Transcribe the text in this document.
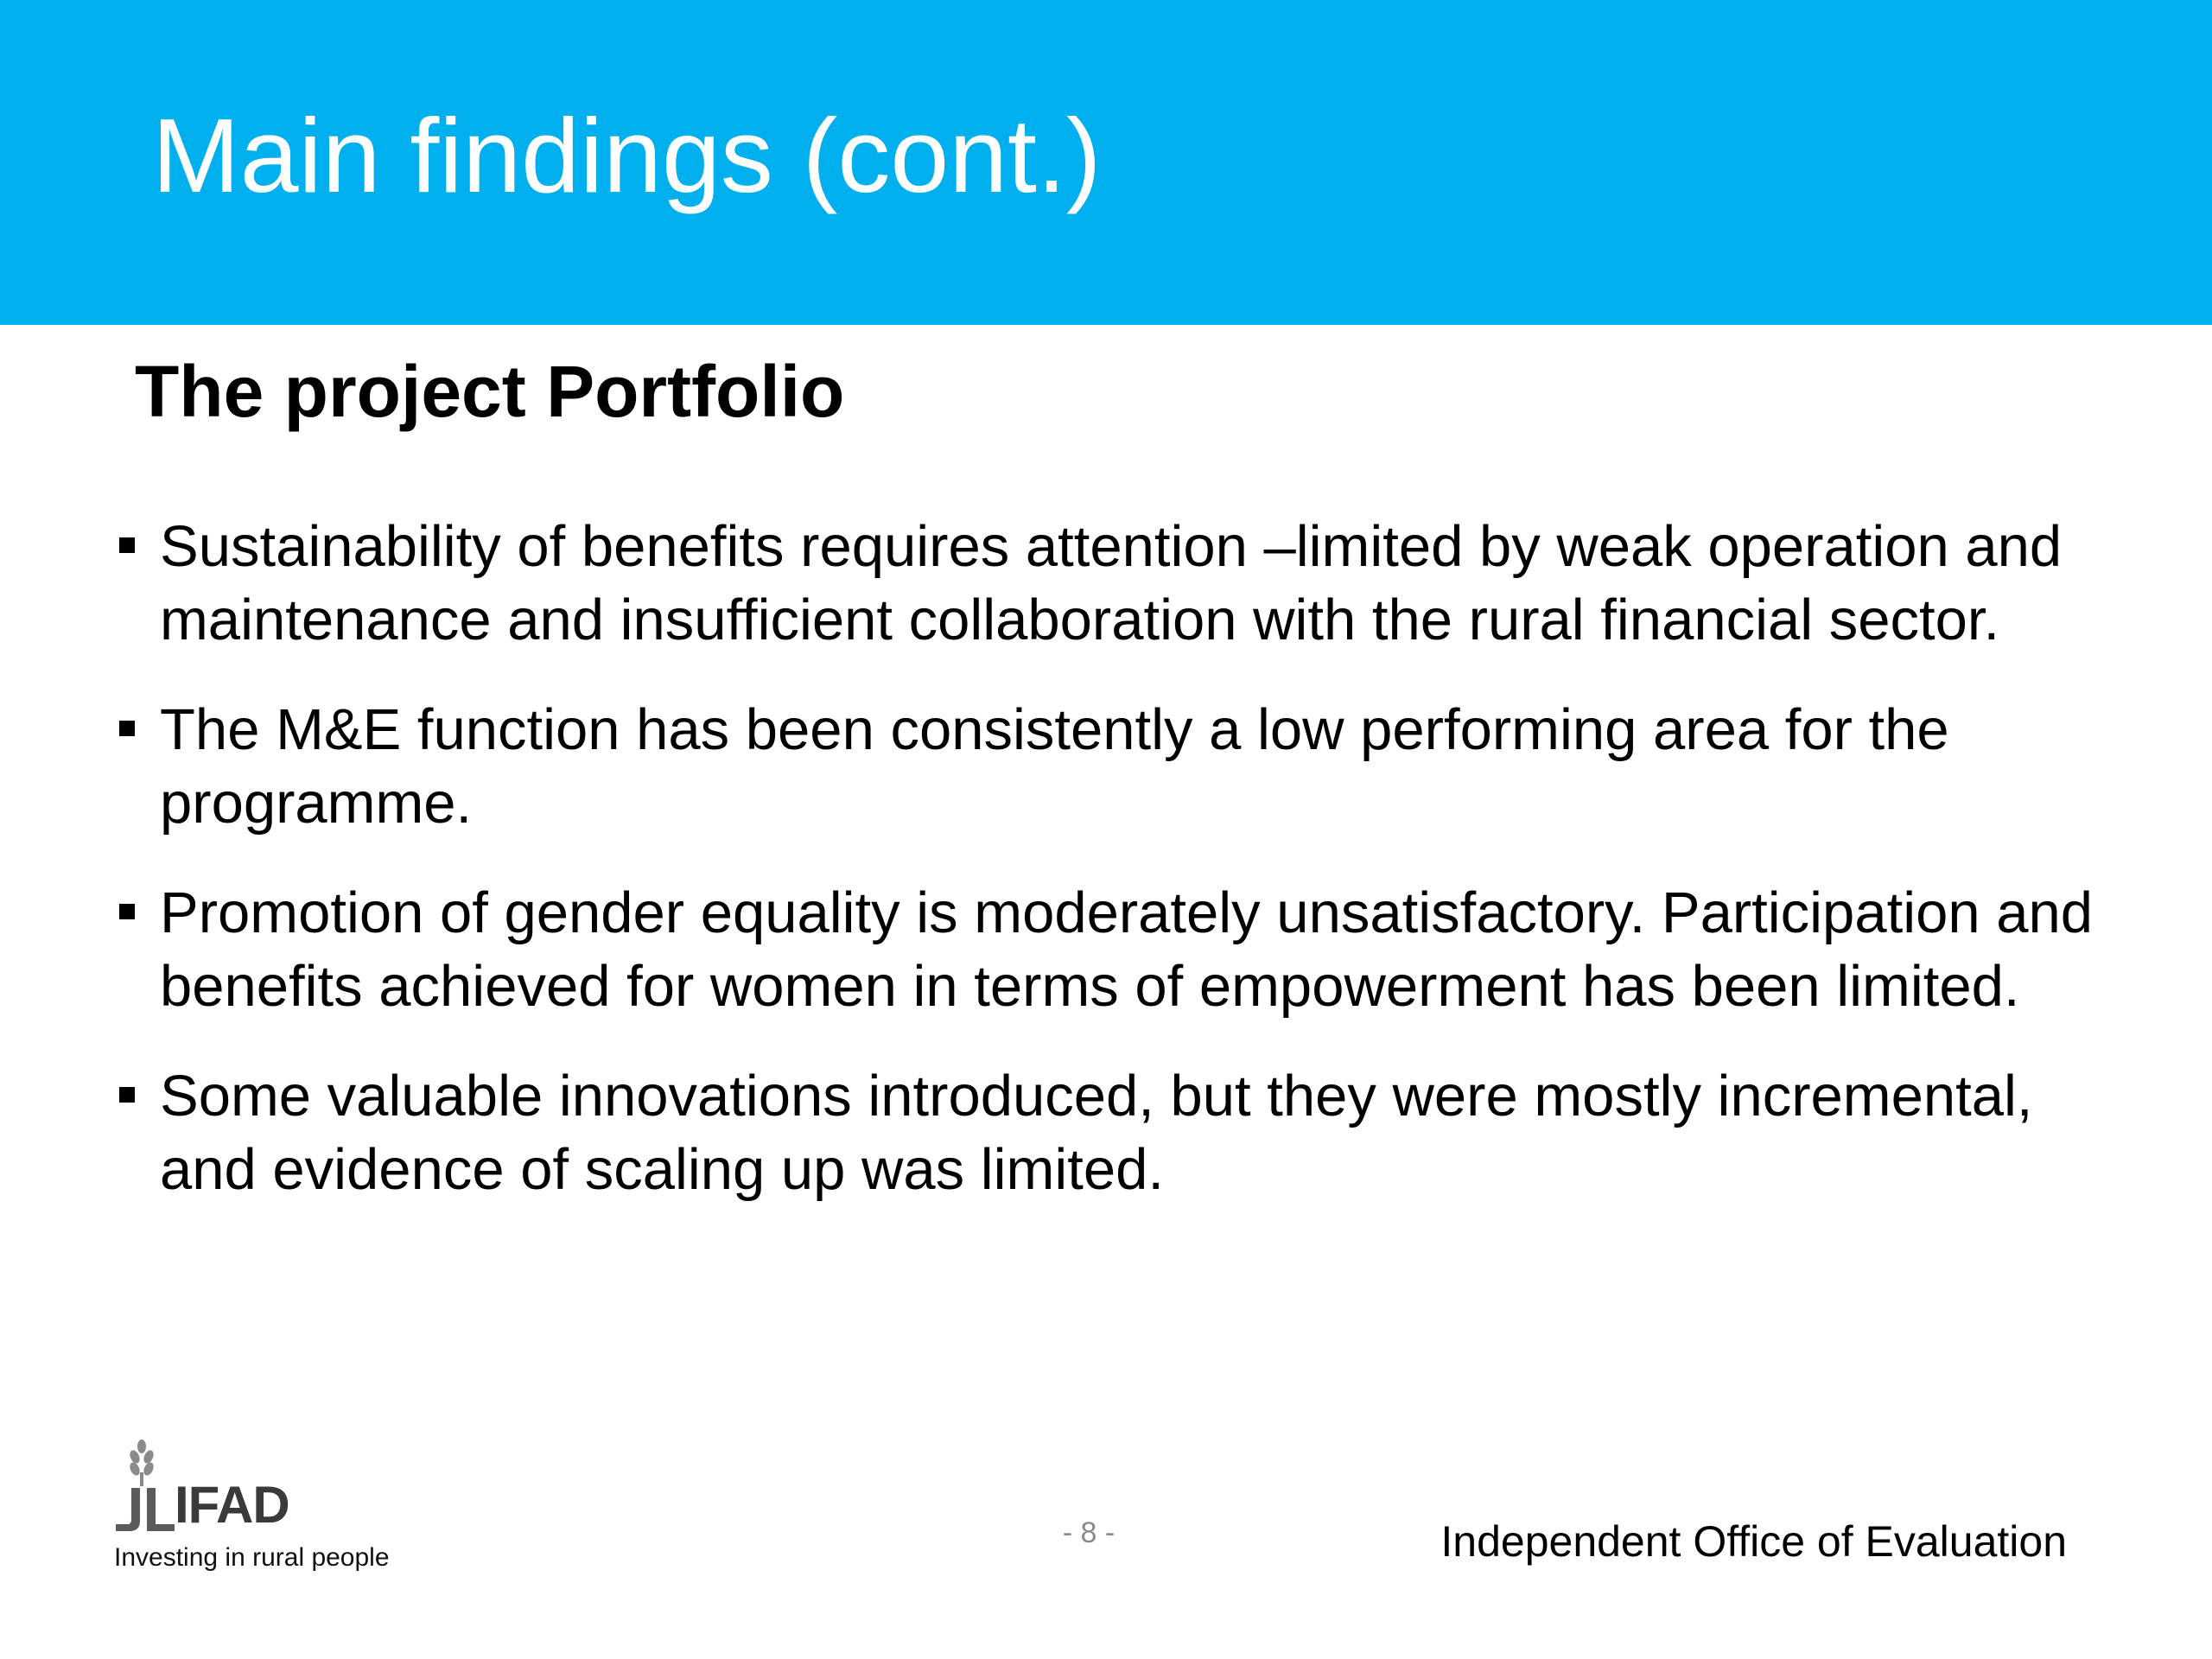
Main findings (cont.)
The project Portfolio
Sustainability of benefits requires attention –limited by weak operation and maintenance and insufficient collaboration with the rural financial sector.
The M&E function has been consistently a low performing area for the programme.
Promotion of gender equality is moderately unsatisfactory. Participation and benefits achieved for women in terms of empowerment has been limited.
Some valuable innovations introduced, but they were mostly incremental, and evidence of scaling up was limited.
IFAD
Investing in rural people
- 8 -	Independent Office of Evaluation
